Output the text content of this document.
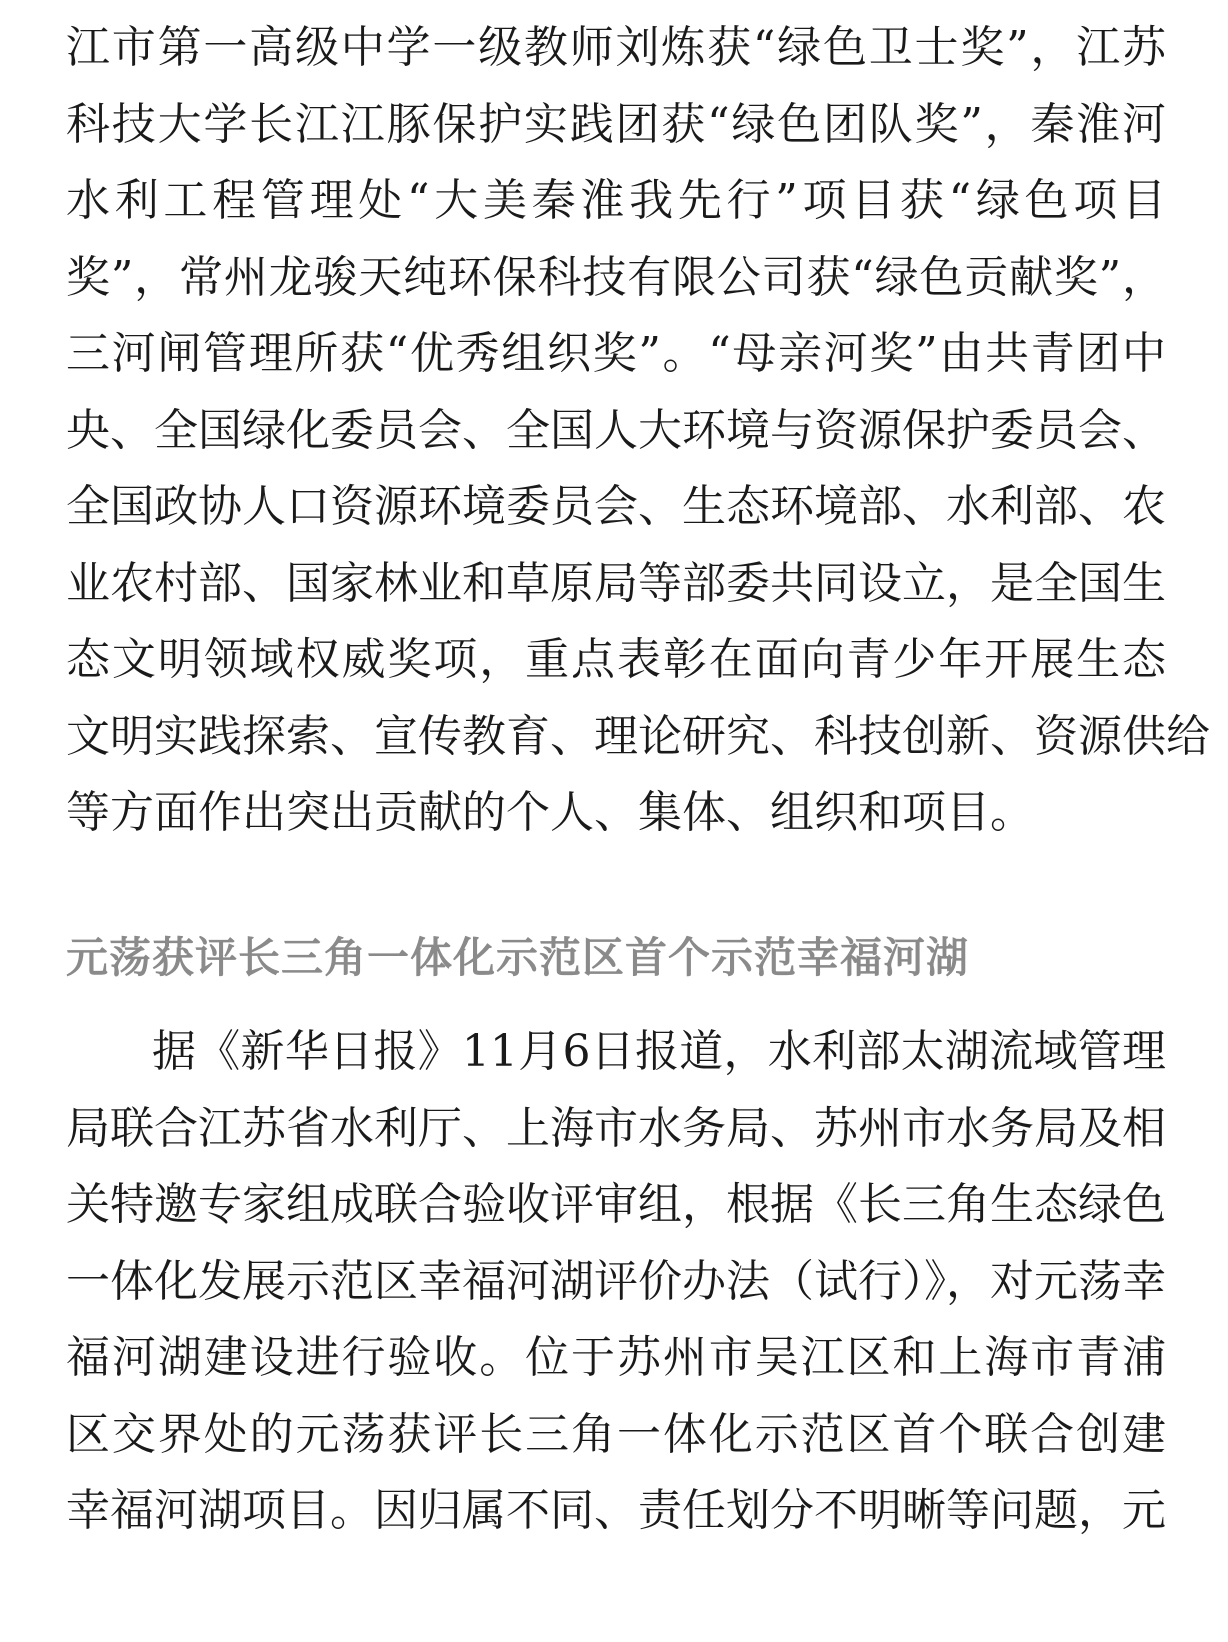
江市第一高级中学一级教师刘炼获“绿色卫士奖”，江苏
科技大学长江江豚保护实践团获“绿色团队奖”，秦淮河
水利工程管理处“大美秦淮我先行”项目获“绿色项目
奖”，常州龙骏天纯环保科技有限公司获“绿色贡献奖”，
三河闸管理所获“优秀组织奖”。“母亲河奖”由共青团中
央、全国绿化委员会、全国人大环境与资源保护委员会、
全国政协人口资源环境委员会、生态环境部、水利部、农
业农村部、国家林业和草原局等部委共同设立，是全国生
态文明领域权威奖项，重点表彰在面向青少年开展生态
文明实践探索、宣传教育、理论研究、科技创新、资源供给
等方面作出突出贡献的个人、集体、组织和项目。
元荡获评长三角一体化示范区首个示范幸福河湖
据《新华日报》11月6日报道，水利部太湖流域管理
局联合江苏省水利厅、上海市水务局、苏州市水务局及相
关特邀专家组成联合验收评审组，根据《长三角生态绿色
一体化发展示范区幸福河湖评价办法（试行）》，对元荡幸
福河湖建设进行验收。位于苏州市吴江区和上海市青浦
区交界处的元荡获评长三角一体化示范区首个联合创建
幸福河湖项目。因归属不同、责任划分不明晰等问题，元
